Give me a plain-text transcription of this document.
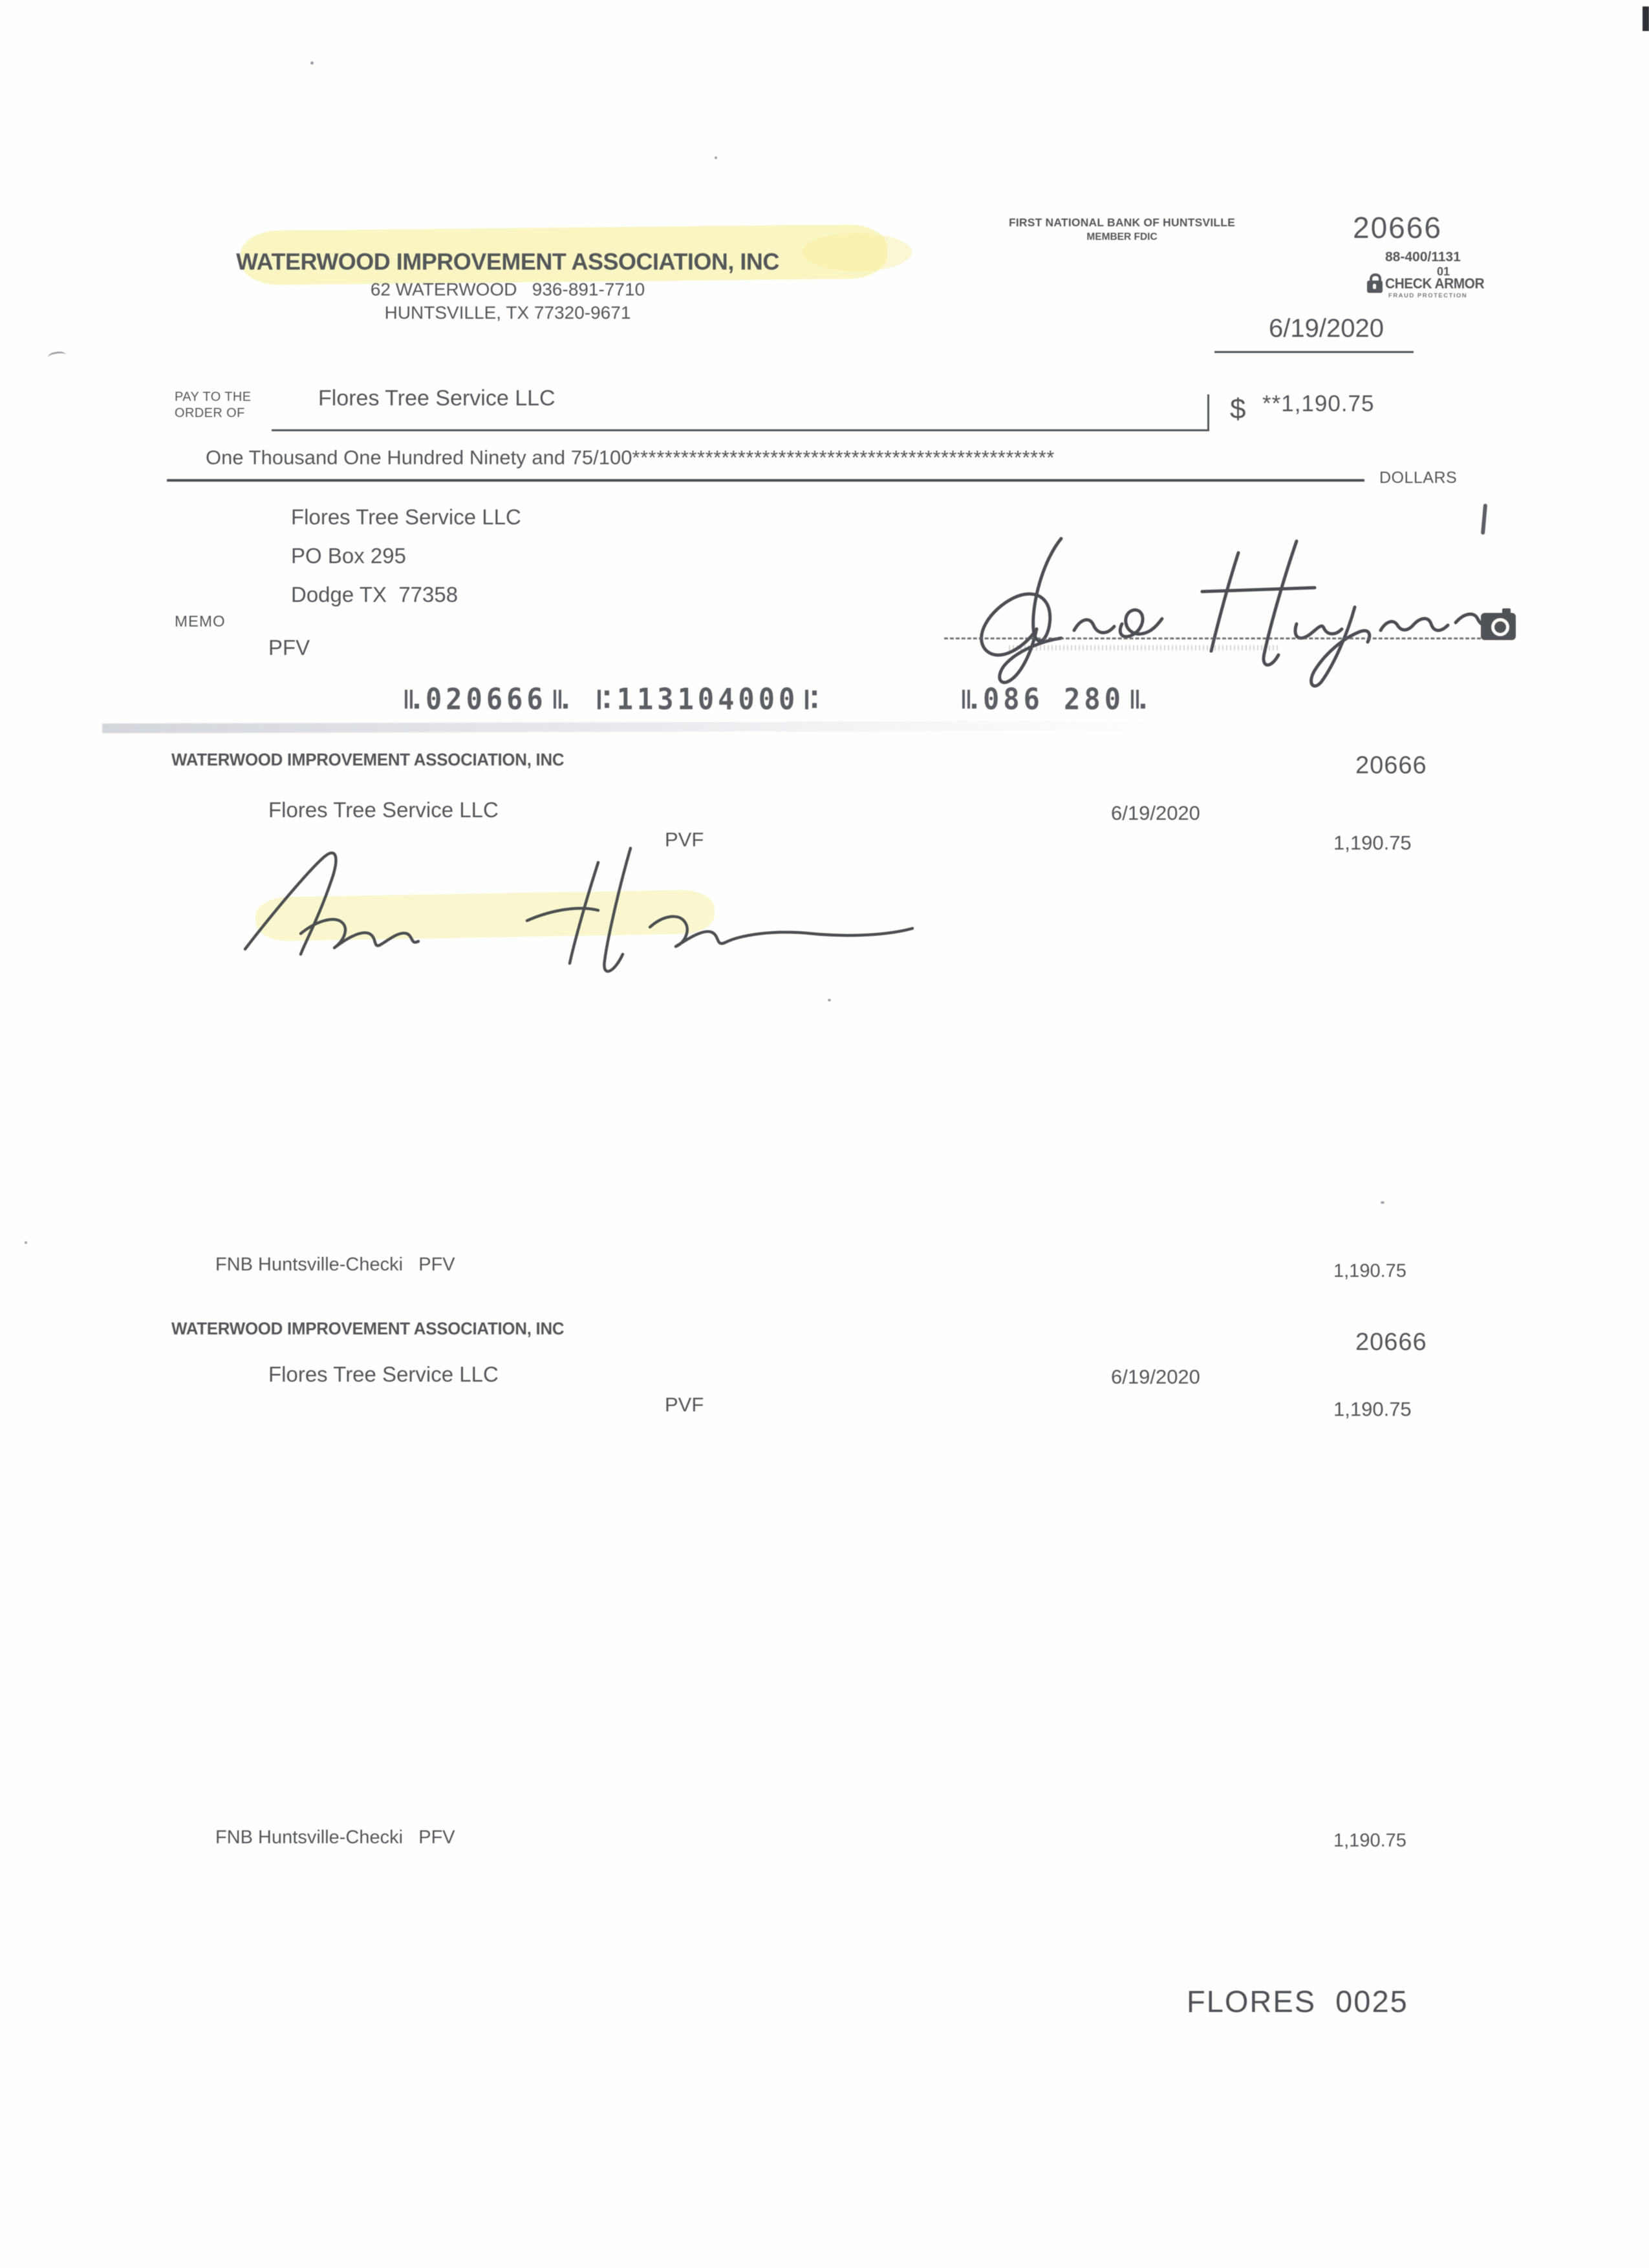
WATERWOOD IMPROVEMENT ASSOCIATION, INC
62 WATERWOOD   936-891-7710
HUNTSVILLE, TX 77320-9671
FIRST NATIONAL BANK OF HUNTSVILLE
MEMBER FDIC	20666
88-400/1131
01
CHECK ARMOR
FRAUD PROTECTION
6/19/2020
PAY TO THE
ORDER OF
Flores Tree Service LLC	$ **1,190.75
One Thousand One Hundred Ninety and 75/100****************************************************
DOLLARS
Flores Tree Service LLC
PO Box 295
Dodge TX  77358
MEMO
PFV
020666	113104000	086 280
WATERWOOD IMPROVEMENT ASSOCIATION, INC	20666
Flores Tree Service LLC	6/19/2020
PVF	1,190.75
FNB Huntsville-Checki   PFV	1,190.75
WATERWOOD IMPROVEMENT ASSOCIATION, INC	20666
Flores Tree Service LLC	6/19/2020
PVF	1,190.75
FNB Huntsville-Checki   PFV	1,190.75
FLORES  0025
